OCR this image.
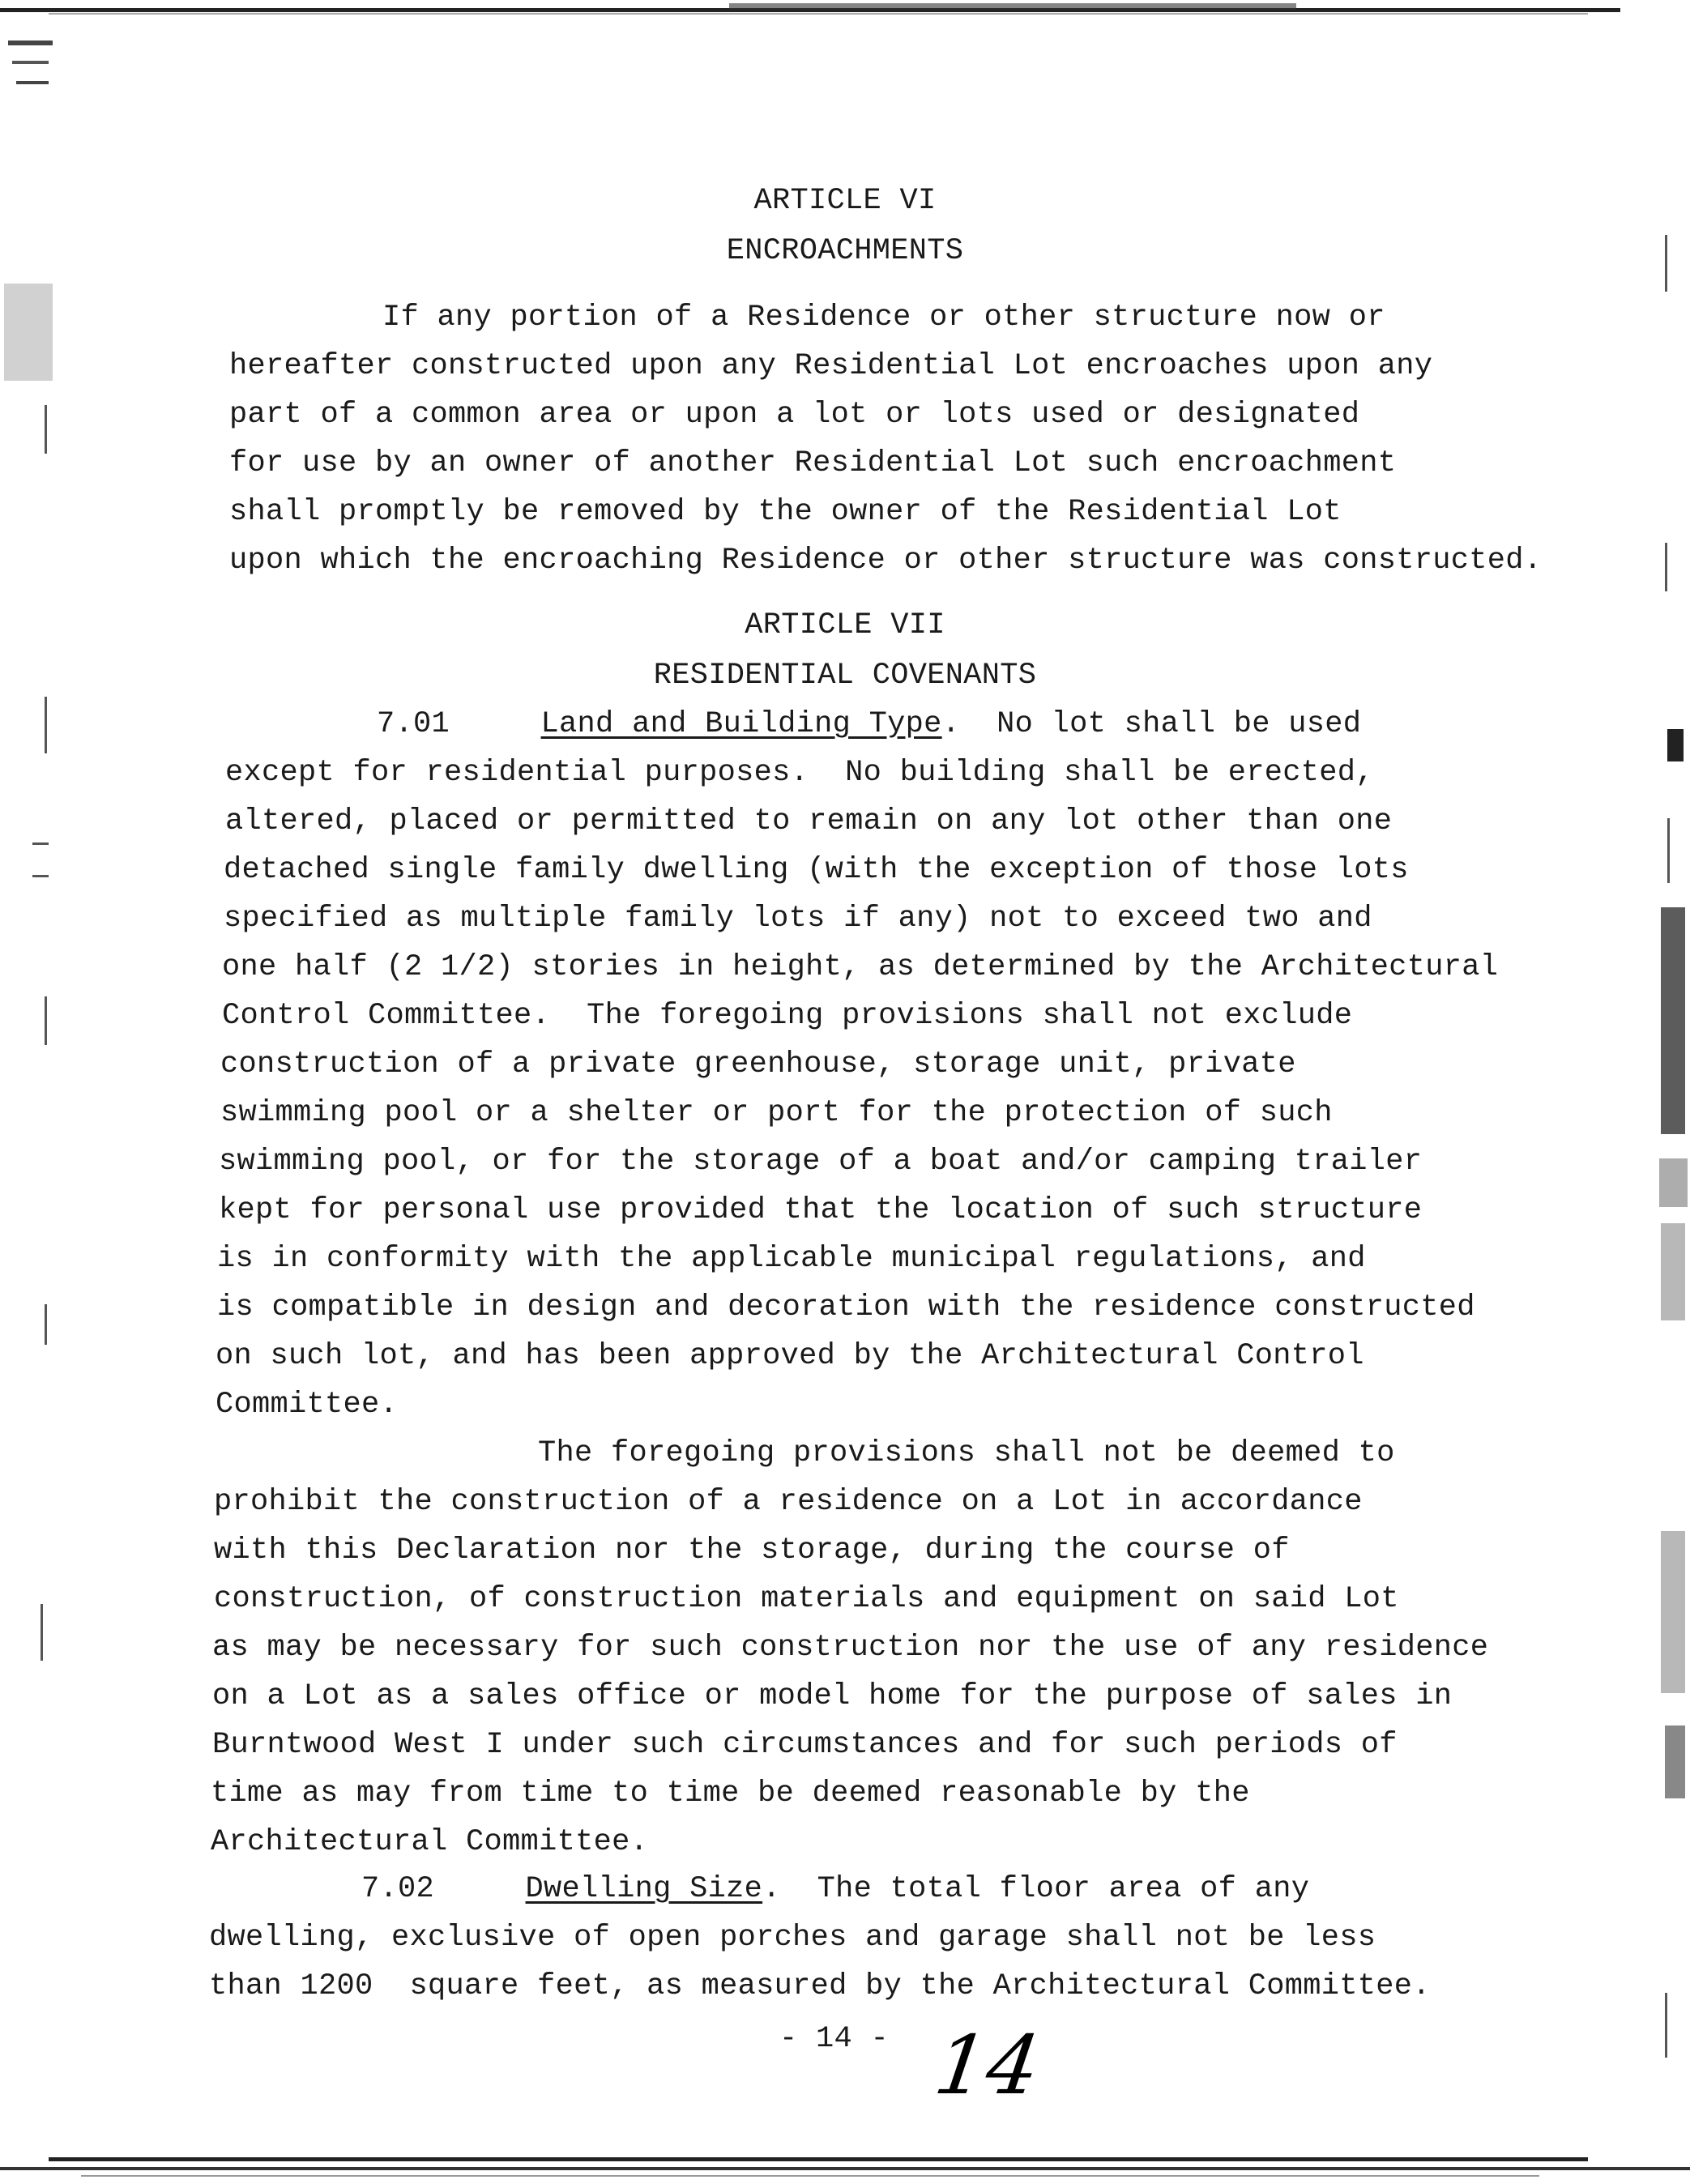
ARTICLE VI
ENCROACHMENTS
If any portion of a Residence or other structure now or
hereafter constructed upon any Residential Lot encroaches upon any
part of a common area or upon a lot or lots used or designated
for use by an owner of another Residential Lot such encroachment
shall promptly be removed by the owner of the Residential Lot
upon which the encroaching Residence or other structure was constructed.
ARTICLE VII
RESIDENTIAL COVENANTS
7.01	Land and Building Type.  No lot shall be used
except for residential purposes.  No building shall be erected,
altered, placed or permitted to remain on any lot other than one
detached single family dwelling (with the exception of those lots
specified as multiple family lots if any) not to exceed two and
one half (2 1/2) stories in height, as determined by the Architectural
Control Committee.  The foregoing provisions shall not exclude
construction of a private greenhouse, storage unit, private
swimming pool or a shelter or port for the protection of such
swimming pool, or for the storage of a boat and/or camping trailer
kept for personal use provided that the location of such structure
is in conformity with the applicable municipal regulations, and
is compatible in design and decoration with the residence constructed
on such lot, and has been approved by the Architectural Control
Committee.
The foregoing provisions shall not be deemed to
prohibit the construction of a residence on a Lot in accordance
with this Declaration nor the storage, during the course of
construction, of construction materials and equipment on said Lot
as may be necessary for such construction nor the use of any residence
on a Lot as a sales office or model home for the purpose of sales in
Burntwood West I under such circumstances and for such periods of
time as may from time to time be deemed reasonable by the
Architectural Committee.
7.02	Dwelling Size.  The total floor area of any
dwelling, exclusive of open porches and garage shall not be less
than 1200  square feet, as measured by the Architectural Committee.
- 14 - 14
